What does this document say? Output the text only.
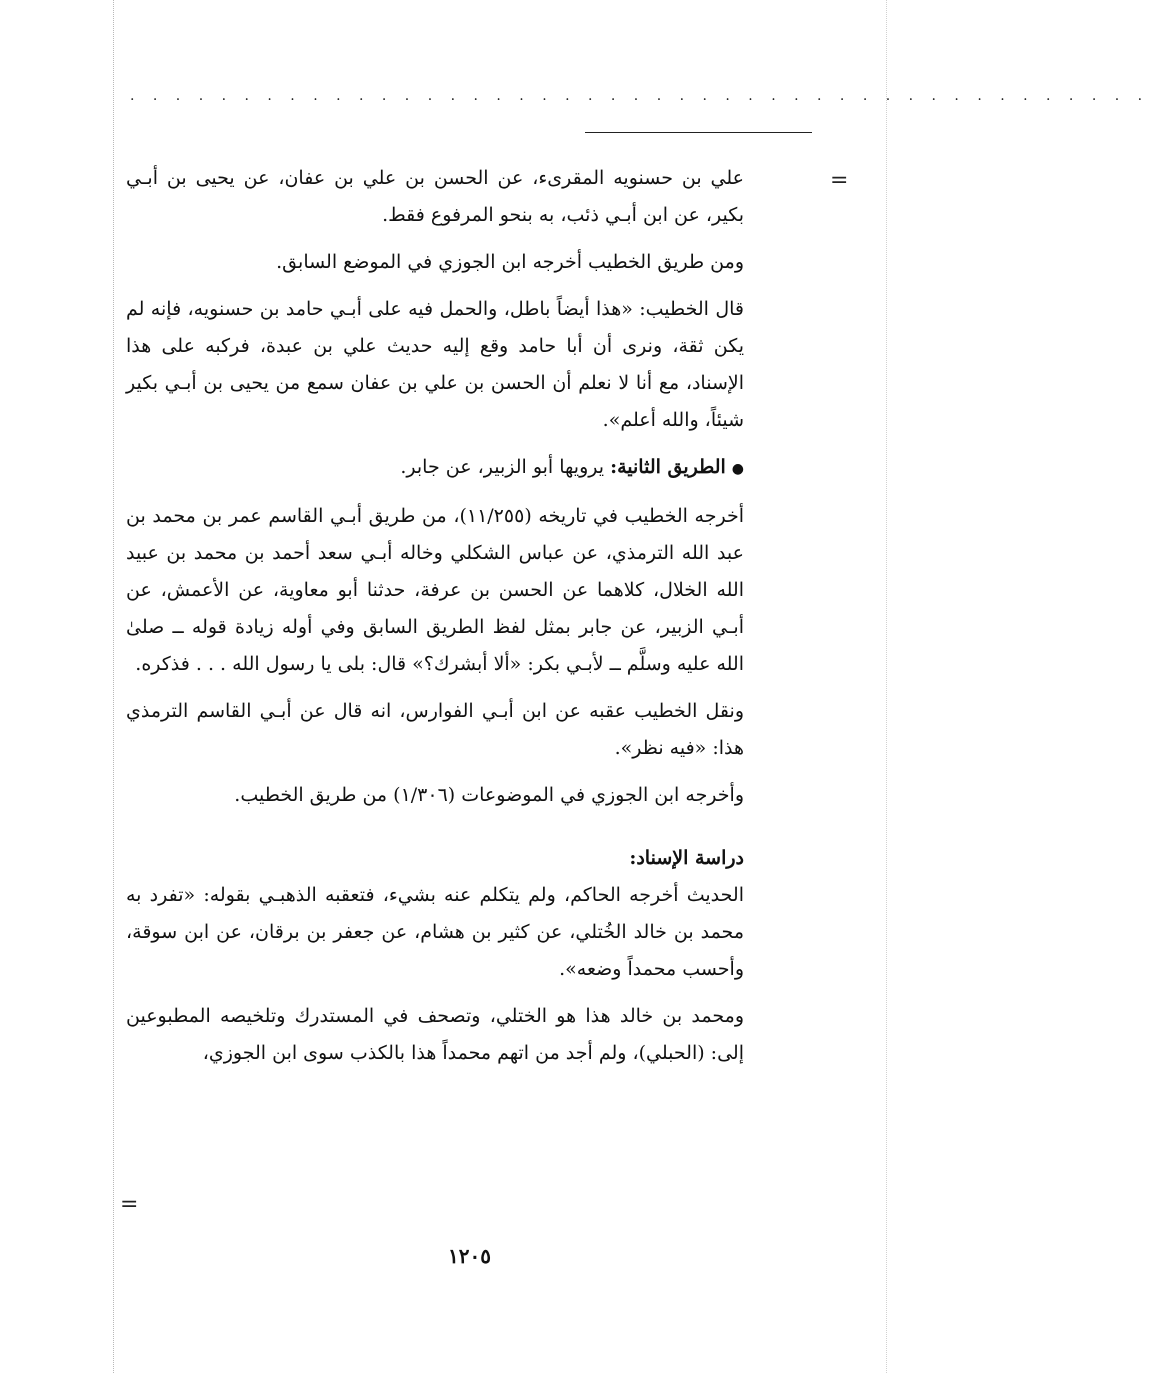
. . . . . . . . . . . . . . . . . . . . . . . . . . . . . . . . . . . . . . . . . . . . .
=

علي بن حسنويه المقرىء، عن الحسن بن علي بن عفان، عن يحيى بن أبـي بكير، عن ابن أبـي ذئب، به بنحو المرفوع فقط.

ومن طريق الخطيب أخرجه ابن الجوزي في الموضع السابق.

قال الخطيب: «هذا أيضاً باطل، والحمل فيه على أبـي حامد بن حسنويه، فإنه لم يكن ثقة، ونرى أن أبا حامد وقع إليه حديث علي بن عبدة، فركبه على هذا الإسناد، مع أنا لا نعلم أن الحسن بن علي بن عفان سمع من يحيى بن أبـي بكير شيئاً، والله أعلم».

●الطريق الثانية: يرويها أبو الزبير، عن جابر.

أخرجه الخطيب في تاريخه (١١/٢٥٥)، من طريق أبـي القاسم عمر بن محمد بن عبد الله الترمذي، عن عباس الشكلي وخاله أبـي سعد أحمد بن محمد بن عبيد الله الخلال، كلاهما عن الحسن بن عرفة، حدثنا أبو معاوية، عن الأعمش، عن أبـي الزبير، عن جابر بمثل لفظ الطريق السابق وفي أوله زيادة قوله ــ صلىٰ الله عليه وسلَّم ــ لأبـي بكر: «ألا أبشرك؟» قال: بلى يا رسول الله . . . فذكره.

ونقل الخطيب عقبه عن ابن أبـي الفوارس، انه قال عن أبـي القاسم الترمذي هذا: «فيه نظر».

وأخرجه ابن الجوزي في الموضوعات (١/٣٠٦) من طريق الخطيب.

دراسة الإسناد:

الحديث أخرجه الحاكم، ولم يتكلم عنه بشيء، فتعقبه الذهبـي بقوله: «تفرد به محمد بن خالد الخُتلي، عن كثير بن هشام، عن جعفر بن برقان، عن ابن سوقة، وأحسب محمداً وضعه».

ومحمد بن خالد هذا هو الختلي، وتصحف في المستدرك وتلخيصه المطبوعين إلى: (الحبلي)، ولم أجد من اتهم محمداً هذا بالكذب سوى ابن الجوزي،

=
١٢٠٥
